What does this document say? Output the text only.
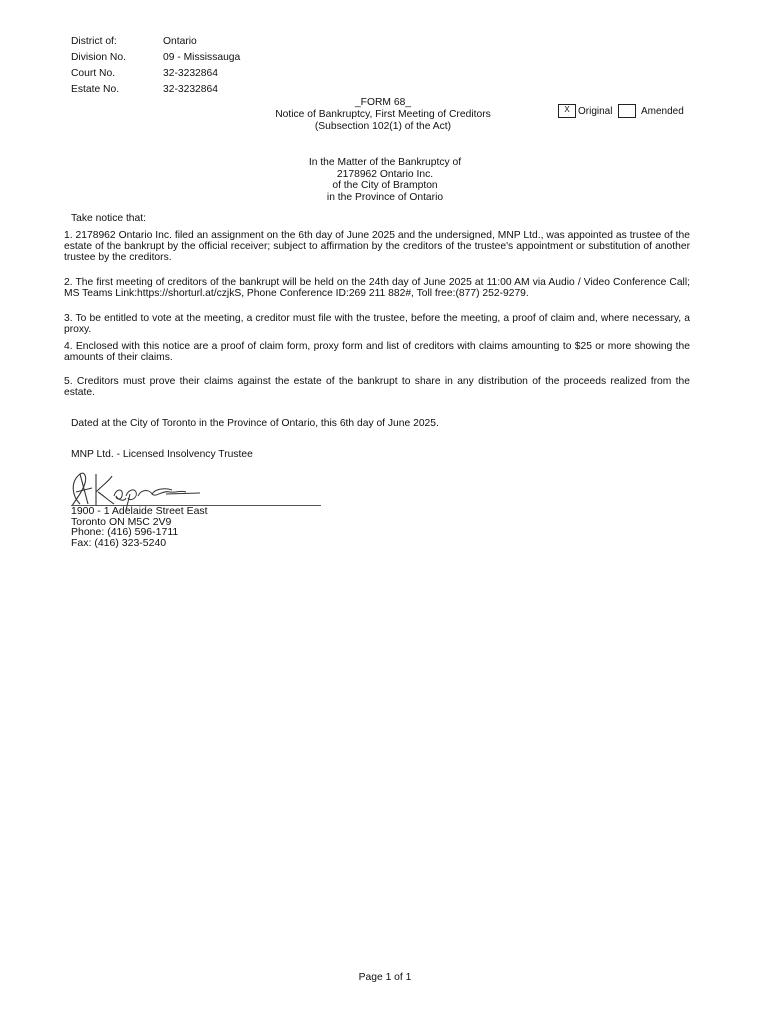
District of:	Ontario
Division No.	09 - Mississauga
Court No.	32-3232864
Estate No.	32-3232864
_FORM 68_
Notice of Bankruptcy, First Meeting of Creditors
(Subsection 102(1) of the Act)
X Original	Amended
In the Matter of the Bankruptcy of
2178962 Ontario Inc.
of the City of Brampton
in the Province of Ontario
Take notice that:
1. 2178962 Ontario Inc. filed an assignment on the 6th day of June 2025 and the undersigned, MNP Ltd., was appointed as trustee of the estate of the bankrupt by the official receiver; subject to affirmation by the creditors of the trustee's appointment or substitution of another trustee by the creditors.
2. The first meeting of creditors of the bankrupt will be held on the 24th day of June 2025 at 11:00 AM via Audio / Video Conference Call; MS Teams Link:https://shorturl.at/czjkS, Phone Conference ID:269 211 882#, Toll free:(877) 252-9279.
3. To be entitled to vote at the meeting, a creditor must file with the trustee, before the meeting, a proof of claim and, where necessary, a proxy.
4. Enclosed with this notice are a proof of claim form, proxy form and list of creditors with claims amounting to $25 or more showing the amounts of their claims.
5. Creditors must prove their claims against the estate of the bankrupt to share in any distribution of the proceeds realized from the estate.
Dated at the City of Toronto in the Province of Ontario, this 6th day of June 2025.
MNP Ltd. - Licensed Insolvency Trustee
1900 - 1 Adelaide Street East
Toronto ON M5C 2V9
Phone: (416) 596-1711
Fax: (416) 323-5240
Page 1 of 1
